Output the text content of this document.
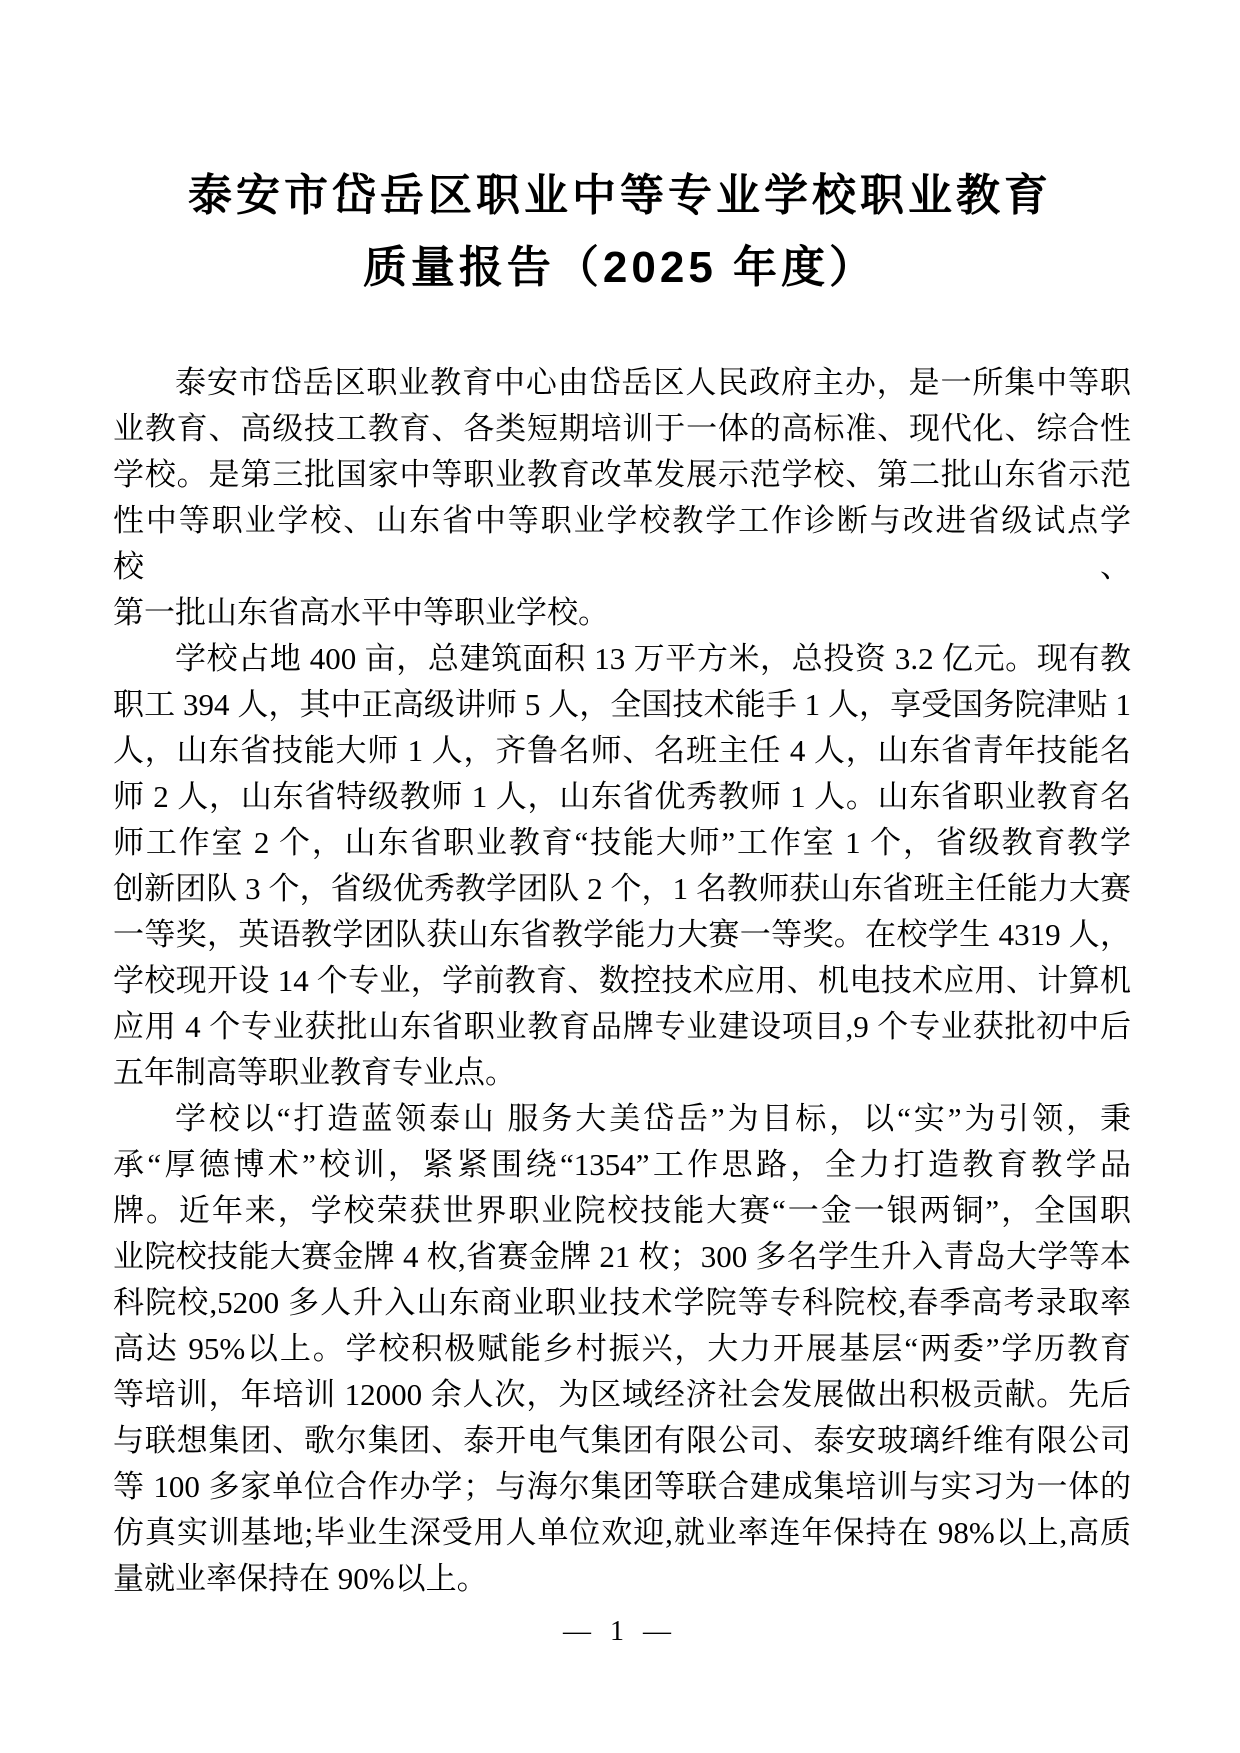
泰安市岱岳区职业中等专业学校职业教育
质量报告（2025 年度）

泰安市岱岳区职业教育中心由岱岳区人民政府主办，是一所集中等职

业教育、高级技工教育、各类短期培训于一体的高标准、现代化、综合性

学校。是第三批国家中等职业教育改革发展示范学校、第二批山东省示范

性中等职业学校、山东省中等职业学校教学工作诊断与改进省级试点学校、

第一批山东省高水平中等职业学校。

学校占地 400 亩，总建筑面积 13 万平方米，总投资 3.2 亿元。现有教

职工 394 人，其中正高级讲师 5 人，全国技术能手 1 人，享受国务院津贴 1

人，山东省技能大师 1 人，齐鲁名师、名班主任 4 人，山东省青年技能名

师 2 人，山东省特级教师 1 人，山东省优秀教师 1 人。山东省职业教育名

师工作室 2 个，山东省职业教育“技能大师”工作室 1 个，省级教育教学

创新团队 3 个，省级优秀教学团队 2 个，1 名教师获山东省班主任能力大赛

一等奖，英语教学团队获山东省教学能力大赛一等奖。在校学生 4319 人，

学校现开设 14 个专业，学前教育、数控技术应用、机电技术应用、计算机

应用 4 个专业获批山东省职业教育品牌专业建设项目,9 个专业获批初中后

五年制高等职业教育专业点。

学校以“打造蓝领泰山 服务大美岱岳”为目标，以“实”为引领，秉

承“厚德博术”校训，紧紧围绕“1354”工作思路，全力打造教育教学品

牌。近年来，学校荣获世界职业院校技能大赛“一金一银两铜”，全国职

业院校技能大赛金牌 4 枚,省赛金牌 21 枚；300 多名学生升入青岛大学等本

科院校,5200 多人升入山东商业职业技术学院等专科院校,春季高考录取率

高达 95%以上。学校积极赋能乡村振兴，大力开展基层“两委”学历教育

等培训，年培训 12000 余人次，为区域经济社会发展做出积极贡献。先后

与联想集团、歌尔集团、泰开电气集团有限公司、泰安玻璃纤维有限公司

等 100 多家单位合作办学；与海尔集团等联合建成集培训与实习为一体的

仿真实训基地;毕业生深受用人单位欢迎,就业率连年保持在 98%以上,高质

量就业率保持在 90%以上。

— 1 —
